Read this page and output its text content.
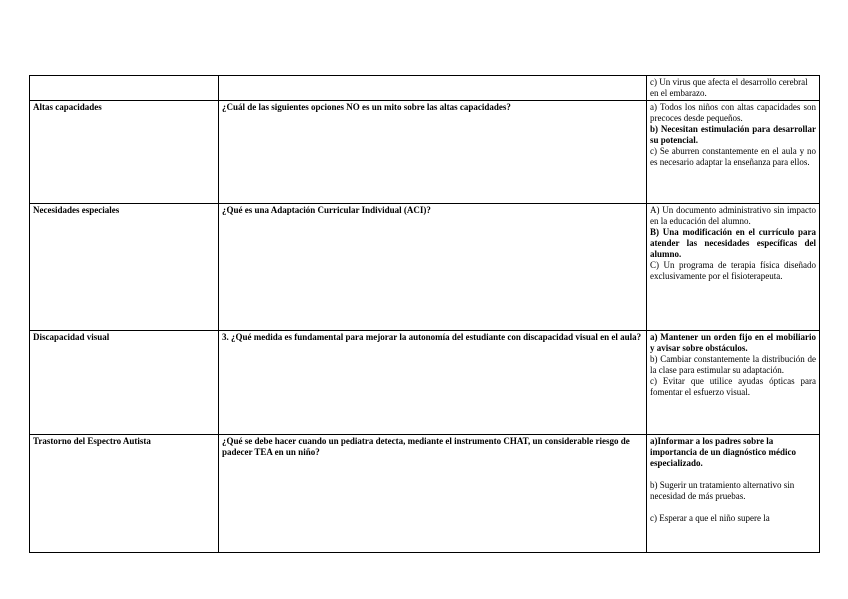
		c) Un virus que afecta el desarrollo cerebral en el embarazo.

Altas capacidades	¿Cuál de las siguientes opciones NO es un mito sobre las altas capacidades?	a) Todos los niños con altas capacidades son precoces desde pequeños.

b) Necesitan estimulación para desarrollar su potencial.

c) Se aburren constantemente en el aula y no es necesario adaptar la enseñanza para ellos.

Necesidades especiales	¿Qué es una Adaptación Curricular Individual (ACI)?	A) Un documento administrativo sin impacto en la educación del alumno.

B) Una modificación en el currículo para atender las necesidades específicas del alumno.

C) Un programa de terapia física diseñado exclusivamente por el fisioterapeuta.

Discapacidad visual	3. ¿Qué medida es fundamental para mejorar la autonomía del estudiante con discapacidad visual en el aula?	a) Mantener un orden fijo en el mobiliario y avisar sobre obstáculos.

b) Cambiar constantemente la distribución de la clase para estimular su adaptación.

c) Evitar que utilice ayudas ópticas para fomentar el esfuerzo visual.

Trastorno del Espectro Autista	¿Qué se debe hacer cuando un pediatra detecta, mediante el instrumento CHAT, un considerable riesgo de padecer TEA en un niño?	a)Informar a los padres sobre la importancia de un diagnóstico médico especializado.

b) Sugerir un tratamiento alternativo sin necesidad de más pruebas.

c) Esperar a que el niño supere la
